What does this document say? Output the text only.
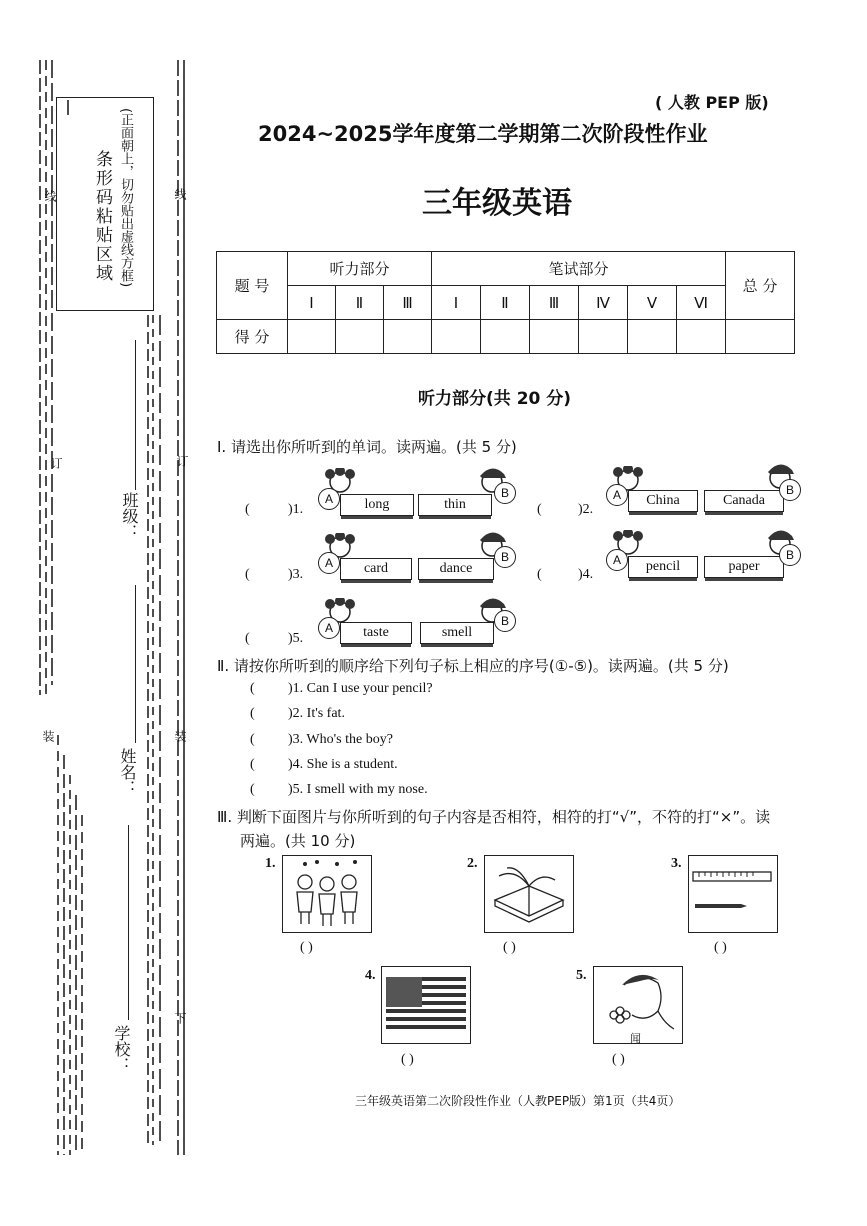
条形码粘贴区域 (正面朝上，切勿贴出虚线方框)
线	线
订	订
装	装
下
班级：
姓名：
学校：
( 人教 PEP 版)
2024~2025学年度第二学期第二次阶段性作业
三年级英语
题 号	听力部分			笔试部分						总 分
	Ⅰ	Ⅱ	Ⅲ	Ⅰ	Ⅱ	Ⅲ	Ⅳ	Ⅴ	Ⅵ	
得 分										
听力部分(共 20 分)
Ⅰ. 请选出你所听到的单词。读两遍。(共 5 分)
(	)1.
A	long	thin
B
(	)2.
A	China	Canada
B
(	)3.
A	card	dance
B
(	)4.
A	pencil	paper
B
(	)5.
A	taste	smell
B
Ⅱ. 请按你所听到的顺序给下列句子标上相应的序号(①-⑤)。读两遍。(共 5 分)
( )1. Can I use your pencil?
( )2. It's fat.
( )3. Who's the boy?
( )4. She is a student.
( )5. I smell with my nose.
Ⅲ. 判断下面图片与你所听到的句子内容是否相符，相符的打“√”，不符的打“×”。读
两遍。(共 10 分)
1.
( )
2.
( )
3.
( )
4.
( )
5.
闻
( )
三年级英语第二次阶段性作业（人教PEP版）第1页（共4页）
